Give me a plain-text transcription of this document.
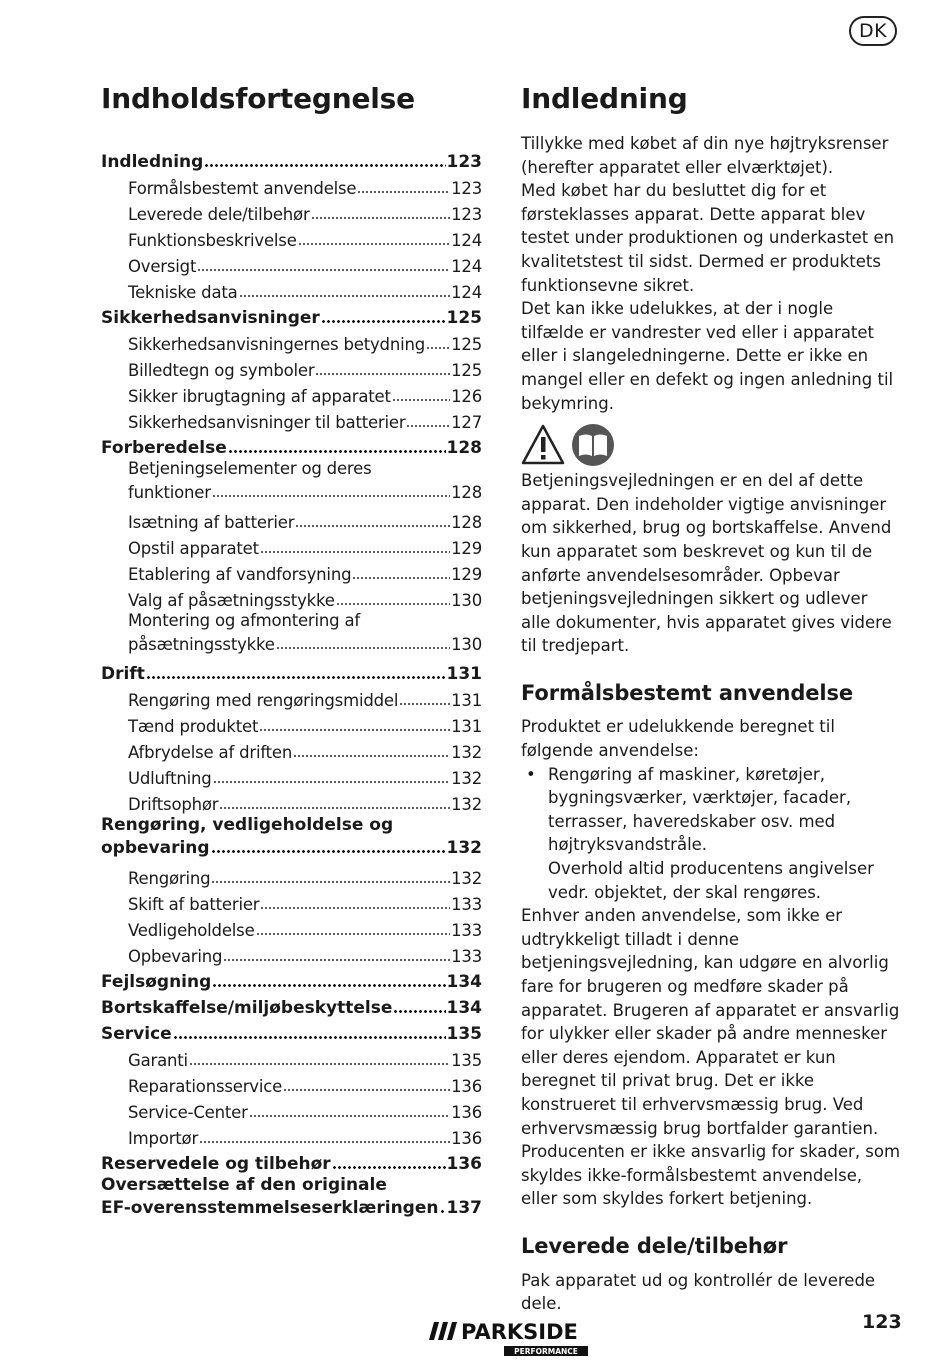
DK
Indholdsfortegnelse	Indledning
Indledning	123
Formålsbestemt anvendelse	123
Leverede dele/tilbehør	123
Funktionsbeskrivelse	124
Oversigt	124
Tekniske data	124
Sikkerhedsanvisninger	125
Sikkerhedsanvisningernes betydning 125
Billedtegn og symboler	125
Sikker ibrugtagning af apparatet	126
Sikkerhedsanvisninger til batterier	127
Forberedelse	128
Betjeningselementer og deres
funktioner	128
Isætning af batterier	128
Opstil apparatet	129
Etablering af vandforsyning	129
Valg af påsætningsstykke	130
Montering og afmontering af
påsætningsstykke	130
Drift	131
Rengøring med rengøringsmiddel	131
Tænd produktet	131
Afbrydelse af driften	132
Udluftning	132
Driftsophør	132
Rengøring, vedligeholdelse og
opbevaring	132
Rengøring	132
Skift af batterier	133
Vedligeholdelse	133
Opbevaring	133
Fejlsøgning	134
Bortskaffelse/miljøbeskyttelse	134
Service	135
Garanti	135
Reparationsservice	136
Service-Center	136
Importør	136
Reservedele og tilbehør	136
Oversættelse af den originale
EF-overensstemmelseserklæringen 137

Tillykke med købet af din nye højtryksrenser (herefter apparatet eller elværktøjet).

Med købet har du besluttet dig for et førsteklasses apparat. Dette apparat blev testet under produktionen og underkastet en kvalitetstest til sidst. Dermed er produktets funktionsevne sikret.

Det kan ikke udelukkes, at der i nogle tilfælde er vandrester ved eller i apparatet eller i slangeledningerne. Dette er ikke en mangel eller en defekt og ingen anledning til bekymring.

Betjeningsvejledningen er en del af dette apparat. Den indeholder vigtige anvisninger om sikkerhed, brug og bortskaffelse. Anvend kun apparatet som beskrevet og kun til de anførte anvendelsesområder. Opbevar betjeningsvejledningen sikkert og udlever alle dokumenter, hvis apparatet gives videre til tredjepart.

Formålsbestemt anvendelse

Produktet er udelukkende beregnet til følgende anvendelse:

• Rengøring af maskiner, køretøjer, bygningsværker, værktøjer, facader, terrasser, haveredskaber osv. med højtryksvandstråle.

Overhold altid producentens angivelser vedr. objektet, der skal rengøres.

Enhver anden anvendelse, som ikke er udtrykkeligt tilladt i denne betjeningsvejledning, kan udgøre en alvorlig fare for brugeren og medføre skader på apparatet. Brugeren af apparatet er ansvarlig for ulykker eller skader på andre mennesker eller deres ejendom. Apparatet er kun beregnet til privat brug. Det er ikke konstrueret til erhvervsmæssig brug. Ved erhvervsmæssig brug bortfalder garantien. Producenten er ikke ansvarlig for skader, som skyldes ikke-formålsbestemt anvendelse, eller som skyldes forkert betjening.

Leverede dele/tilbehør

Pak apparatet ud og kontrollér de leverede dele.

PARKSIDE
PERFORMANCE
123
